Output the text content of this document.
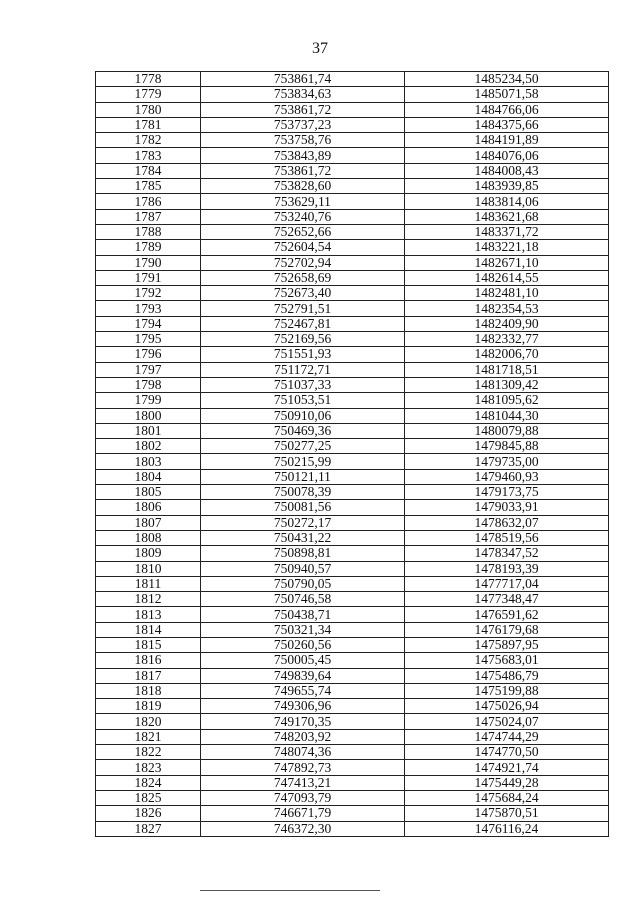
37
1778	753861,74	1485234,50
1779	753834,63	1485071,58
1780	753861,72	1484766,06
1781	753737,23	1484375,66
1782	753758,76	1484191,89
1783	753843,89	1484076,06
1784	753861,72	1484008,43
1785	753828,60	1483939,85
1786	753629,11	1483814,06
1787	753240,76	1483621,68
1788	752652,66	1483371,72
1789	752604,54	1483221,18
1790	752702,94	1482671,10
1791	752658,69	1482614,55
1792	752673,40	1482481,10
1793	752791,51	1482354,53
1794	752467,81	1482409,90
1795	752169,56	1482332,77
1796	751551,93	1482006,70
1797	751172,71	1481718,51
1798	751037,33	1481309,42
1799	751053,51	1481095,62
1800	750910,06	1481044,30
1801	750469,36	1480079,88
1802	750277,25	1479845,88
1803	750215,99	1479735,00
1804	750121,11	1479460,93
1805	750078,39	1479173,75
1806	750081,56	1479033,91
1807	750272,17	1478632,07
1808	750431,22	1478519,56
1809	750898,81	1478347,52
1810	750940,57	1478193,39
1811	750790,05	1477717,04
1812	750746,58	1477348,47
1813	750438,71	1476591,62
1814	750321,34	1476179,68
1815	750260,56	1475897,95
1816	750005,45	1475683,01
1817	749839,64	1475486,79
1818	749655,74	1475199,88
1819	749306,96	1475026,94
1820	749170,35	1475024,07
1821	748203,92	1474744,29
1822	748074,36	1474770,50
1823	747892,73	1474921,74
1824	747413,21	1475449,28
1825	747093,79	1475684,24
1826	746671,79	1475870,51
1827	746372,30	1476116,24
